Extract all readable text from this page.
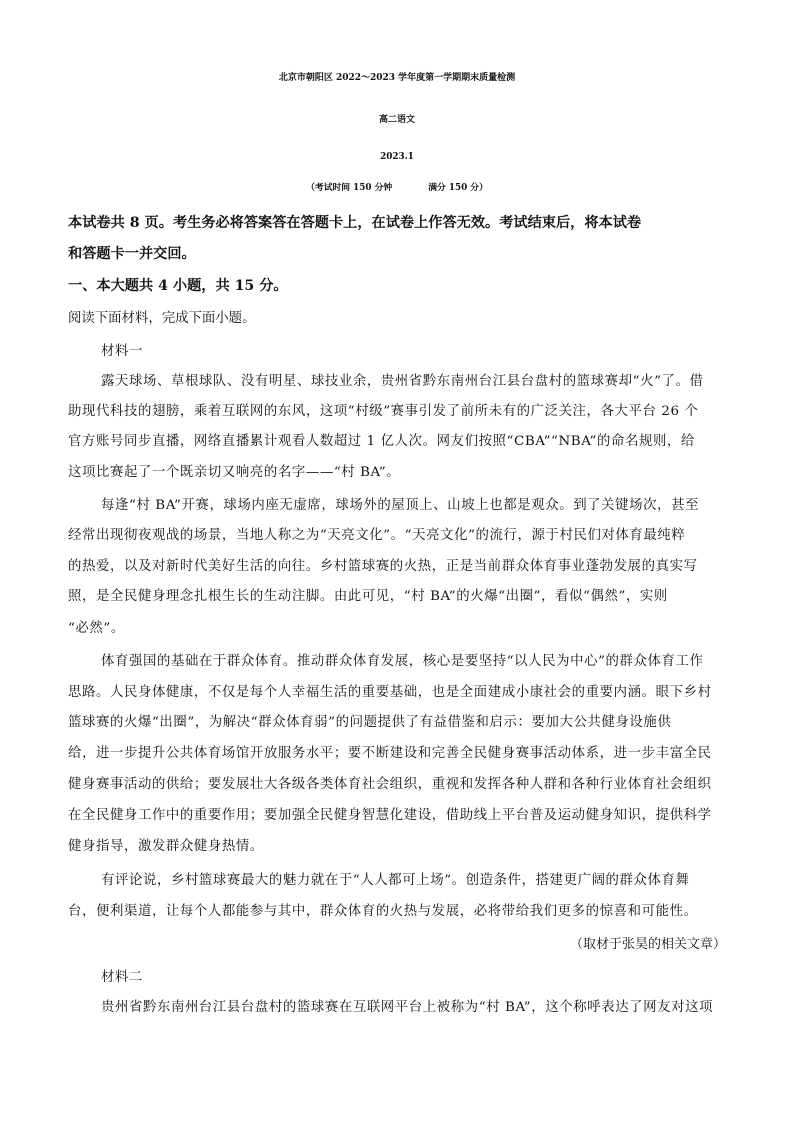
北京市朝阳区 2022～2023 学年度第一学期期末质量检测
高二语文
2023.1
（考试时间 150 分钟	满分 150 分）
本试卷共 8 页。考生务必将答案答在答题卡上，在试卷上作答无效。考试结束后，将本试卷
和答题卡一并交回。
一、本大题共 4 小题，共 15 分。
阅读下面材料，完成下面小题。
材料一
露天球场、草根球队、没有明星、球技业余，贵州省黔东南州台江县台盘村的篮球赛却“火”了。借
助现代科技的翅膀，乘着互联网的东风，这项“村级”赛事引发了前所未有的广泛关注，各大平台 26 个
官方账号同步直播，网络直播累计观看人数超过 1 亿人次。网友们按照“CBA”“NBA”的命名规则，给
这项比赛起了一个既亲切又响亮的名字——“村 BA”。
每逢“村 BA”开赛，球场内座无虚席，球场外的屋顶上、山坡上也都是观众。到了关键场次，甚至
经常出现彻夜观战的场景，当地人称之为“天亮文化”。“天亮文化”的流行，源于村民们对体育最纯粹
的热爱，以及对新时代美好生活的向往。乡村篮球赛的火热，正是当前群众体育事业蓬勃发展的真实写
照，是全民健身理念扎根生长的生动注脚。由此可见，“村 BA”的火爆“出圈”，看似“偶然”，实则
“必然”。
体育强国的基础在于群众体育。推动群众体育发展，核心是要坚持“以人民为中心”的群众体育工作
思路。人民身体健康，不仅是每个人幸福生活的重要基础，也是全面建成小康社会的重要内涵。眼下乡村
篮球赛的火爆“出圈”，为解决“群众体育弱”的问题提供了有益借鉴和启示：要加大公共健身设施供
给，进一步提升公共体育场馆开放服务水平；要不断建设和完善全民健身赛事活动体系，进一步丰富全民
健身赛事活动的供给；要发展壮大各级各类体育社会组织，重视和发挥各种人群和各种行业体育社会组织
在全民健身工作中的重要作用；要加强全民健身智慧化建设，借助线上平台普及运动健身知识，提供科学
健身指导，激发群众健身热情。
有评论说，乡村篮球赛最大的魅力就在于“人人都可上场”。创造条件，搭建更广阔的群众体育舞
台，便利渠道，让每个人都能参与其中，群众体育的火热与发展，必将带给我们更多的惊喜和可能性。
（取材于张昊的相关文章）
材料二
贵州省黔东南州台江县台盘村的篮球赛在互联网平台上被称为“村 BA”，这个称呼表达了网友对这项
